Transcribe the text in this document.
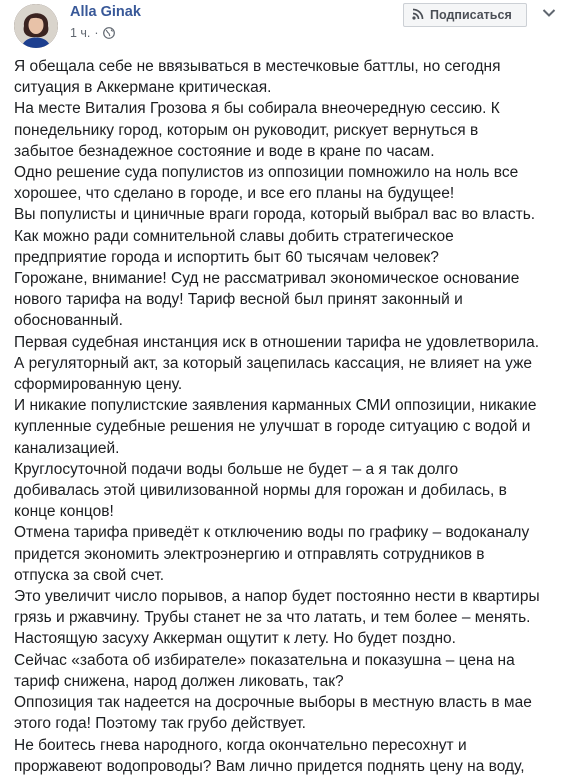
Alla Ginak
1 ч. ·
Подписаться

Я обещала себе не ввязываться в местечковые баттлы, но сегодня

ситуация в Аккермане критическая.

На месте Виталия Грозова я бы собирала внеочередную сессию. К

понедельнику город, которым он руководит, рискует вернуться в

забытое безнадежное состояние и воде в кране по часам.

Одно решение суда популистов из оппозиции помножило на ноль все

хорошее, что сделано в городе, и все его планы на будущее!

Вы популисты и циничные враги города, который выбрал вас во власть.

Как можно ради сомнительной славы добить стратегическое

предприятие города и испортить быт 60 тысячам человек?

Горожане, внимание! Суд не рассматривал экономическое основание

нового тарифа на воду! Тариф весной был принят законный и

обоснованный.

Первая судебная инстанция иск в отношении тарифа не удовлетворила.

А регуляторный акт, за который зацепилась кассация, не влияет на уже

сформированную цену.

И никакие популистские заявления карманных СМИ оппозиции, никакие

купленные судебные решения не улучшат в городе ситуацию с водой и

канализацией.

Круглосуточной подачи воды больше не будет – а я так долго

добивалась этой цивилизованной нормы для горожан и добилась, в

конце концов!

Отмена тарифа приведёт к отключению воды по графику – водоканалу

придется экономить электроэнергию и отправлять сотрудников в

отпуска за свой счет.

Это увеличит число порывов, а напор будет постоянно нести в квартиры

грязь и ржавчину. Трубы станет не за что латать, и тем более – менять.

Настоящую засуху Аккерман ощутит к лету. Но будет поздно.

Сейчас «забота об избирателе» показательна и показушна – цена на

тариф снижена, народ должен ликовать, так?

Оппозиция так надеется на досрочные выборы в местную власть в мае

этого года! Поэтому так грубо действует.

Не боитесь гнева народного, когда окончательно пересохнут и

проржавеют водопроводы? Вам лично придется поднять цену на воду,
